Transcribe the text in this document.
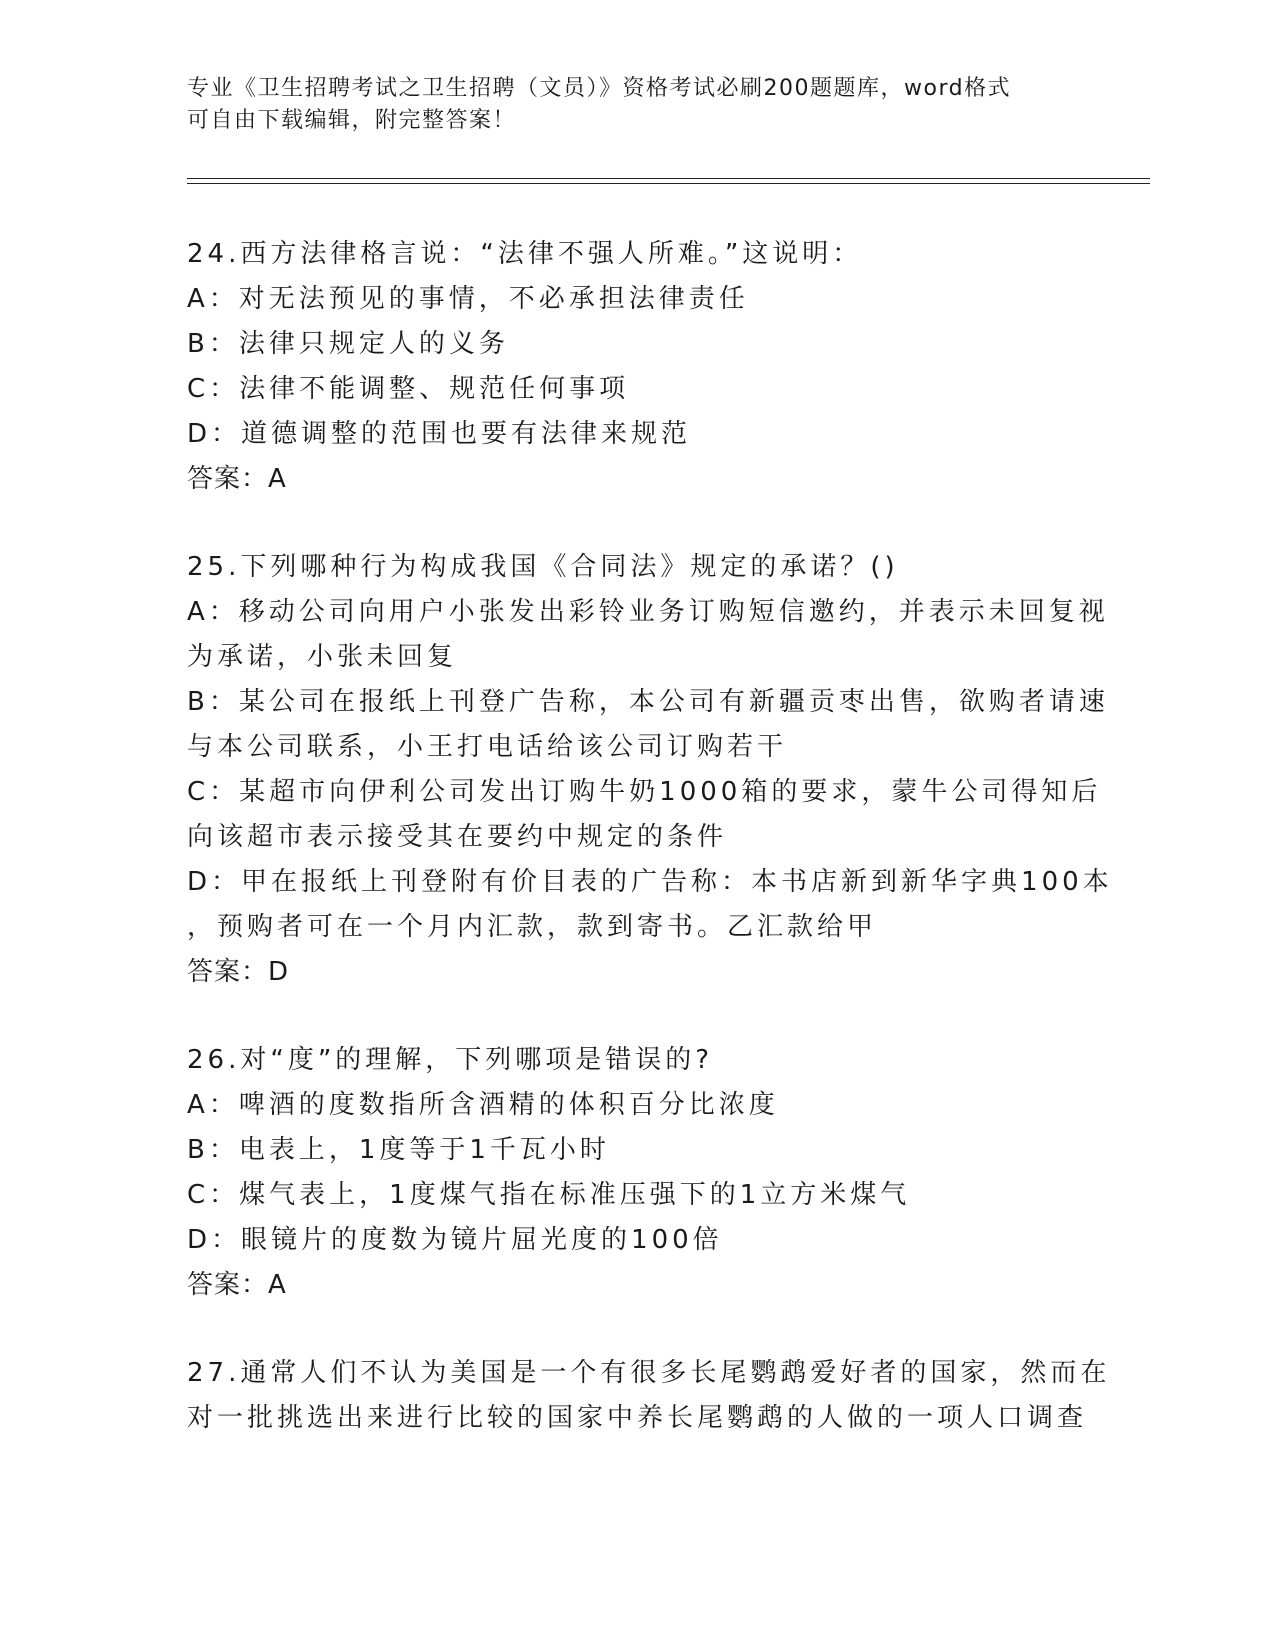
专业《卫生招聘考试之卫生招聘（文员）》资格考试必刷200题题库，word格式
可自由下载编辑，附完整答案！
24.西方法律格言说：“法律不强人所难。”这说明：
A：对无法预见的事情，不必承担法律责任
B：法律只规定人的义务
C：法律不能调整、规范任何事项
D：道德调整的范围也要有法律来规范
答案：A
25.下列哪种行为构成我国《合同法》规定的承诺？()
A：移动公司向用户小张发出彩铃业务订购短信邀约，并表示未回复视
为承诺，小张未回复
B：某公司在报纸上刊登广告称，本公司有新疆贡枣出售，欲购者请速
与本公司联系，小王打电话给该公司订购若干
C：某超市向伊利公司发出订购牛奶1000箱的要求，蒙牛公司得知后
向该超市表示接受其在要约中规定的条件
D：甲在报纸上刊登附有价目表的广告称：本书店新到新华字典100本
，预购者可在一个月内汇款，款到寄书。乙汇款给甲
答案：D
26.对“度”的理解，下列哪项是错误的?
A：啤酒的度数指所含酒精的体积百分比浓度
B：电表上，1度等于1千瓦小时
C：煤气表上，1度煤气指在标准压强下的1立方米煤气
D：眼镜片的度数为镜片屈光度的100倍
答案：A
27.通常人们不认为美国是一个有很多长尾鹦鹉爱好者的国家，然而在
对一批挑选出来进行比较的国家中养长尾鹦鹉的人做的一项人口调查
